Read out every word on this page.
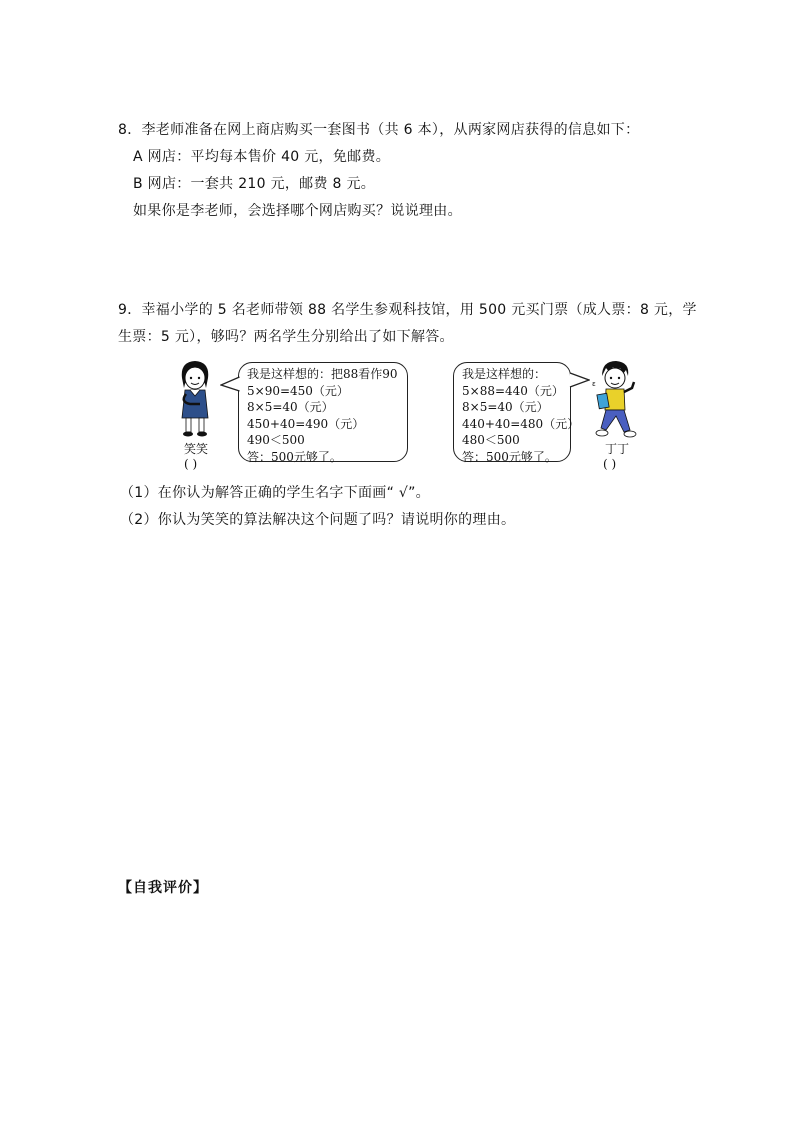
8．李老师准备在网上商店购买一套图书（共 6 本），从两家网店获得的信息如下：
A 网店：平均每本售价 40 元，免邮费。
B 网店：一套共 210 元，邮费 8 元。
如果你是李老师，会选择哪个网店购买？说说理由。
9．幸福小学的 5 名老师带领 88 名学生参观科技馆，用 500 元买门票（成人票：8 元，学
生票：5 元），够吗？两名学生分别给出了如下解答。
笑笑
( )
我是这样想的：把88看作90
5×90=450（元）
8×5=40（元）
450+40=490（元）
490＜500
答：500元够了。
我是这样想的：
5×88=440（元）
8×5=40（元）
440+40=480（元）
480＜500
答：500元够了。
ε
丁丁
( )
（1）在你认为解答正确的学生名字下面画“ √”。
（2）你认为笑笑的算法解决这个问题了吗？请说明你的理由。
【自我评价】
